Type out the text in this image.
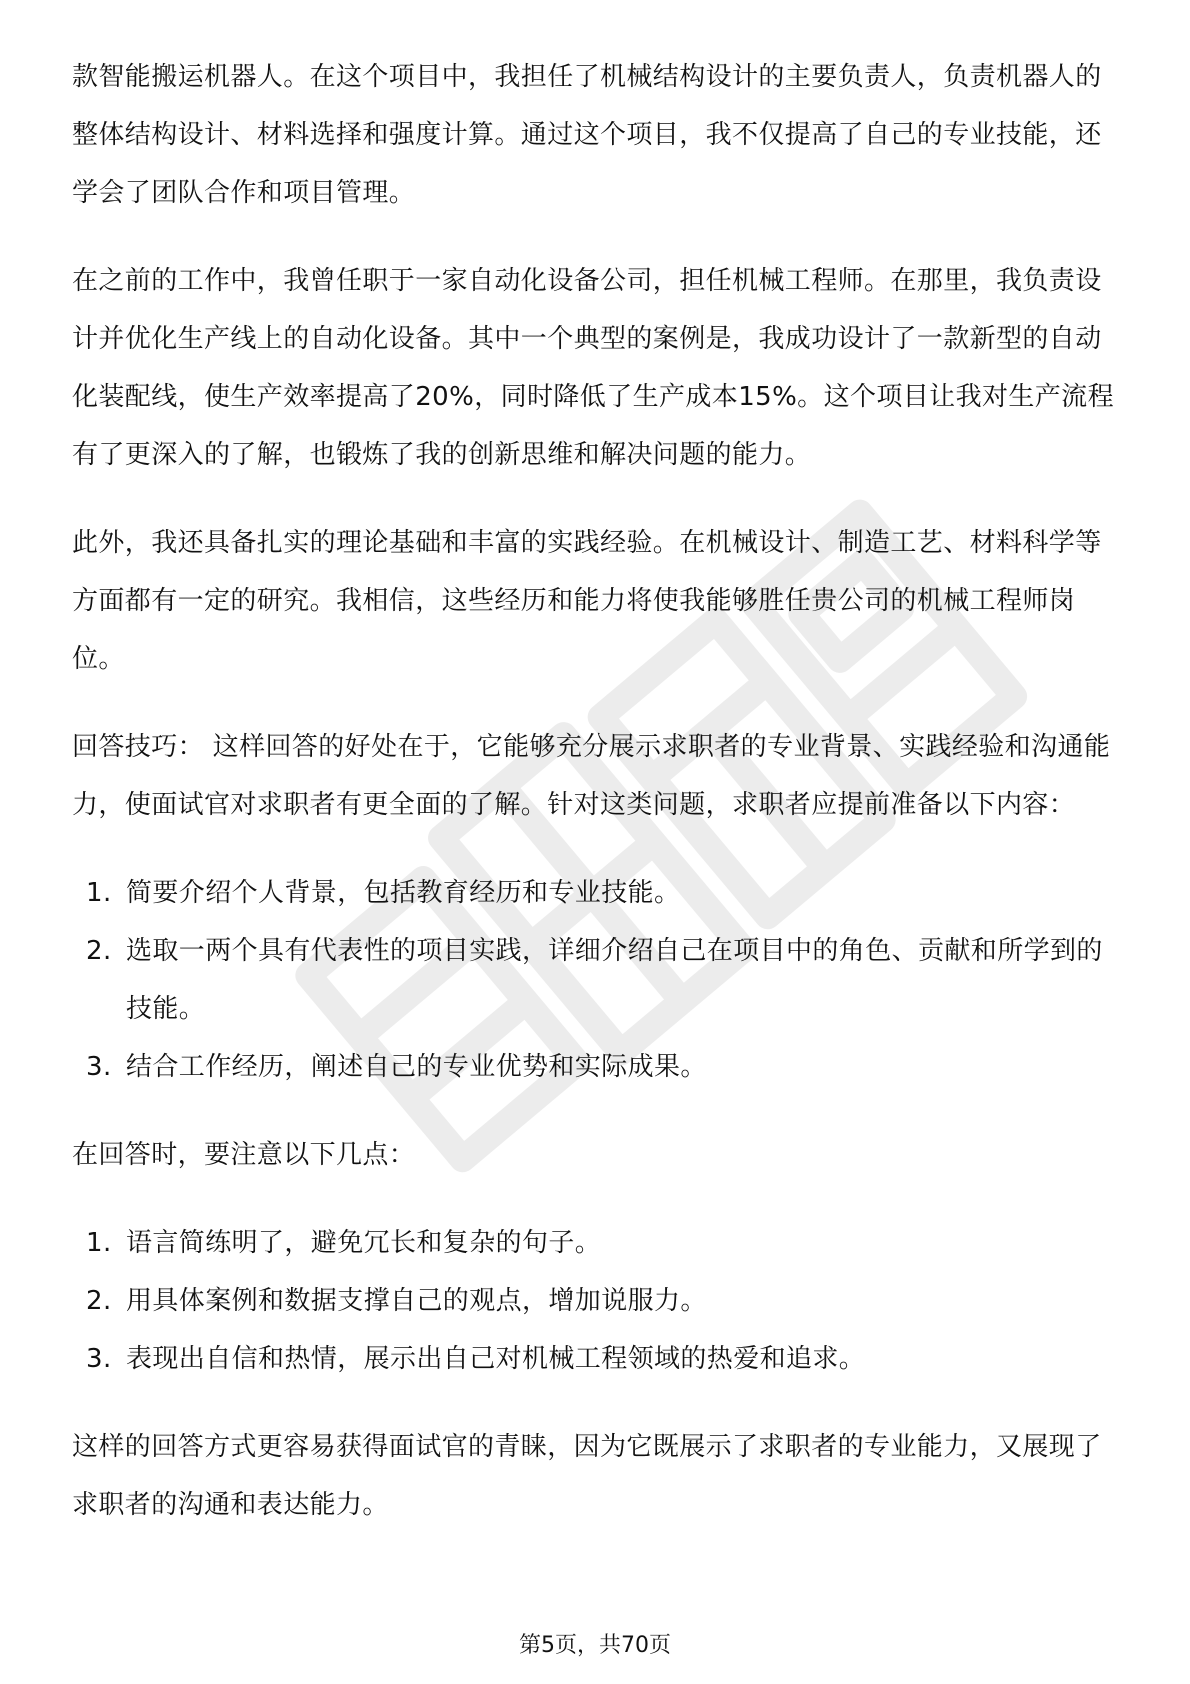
款智能搬运机器人。在这个项目中，我担任了机械结构设计的主要负责人，负责机器人的整体结构设计、材料选择和强度计算。通过这个项目，我不仅提高了自己的专业技能，还学会了团队合作和项目管理。

在之前的工作中，我曾任职于一家自动化设备公司，担任机械工程师。在那里，我负责设计并优化生产线上的自动化设备。其中一个典型的案例是，我成功设计了一款新型的自动化装配线，使生产效率提高了20%，同时降低了生产成本15%。这个项目让我对生产流程有了更深入的了解，也锻炼了我的创新思维和解决问题的能力。

此外，我还具备扎实的理论基础和丰富的实践经验。在机械设计、制造工艺、材料科学等方面都有一定的研究。我相信，这些经历和能力将使我能够胜任贵公司的机械工程师岗位。

回答技巧： 这样回答的好处在于，它能够充分展示求职者的专业背景、实践经验和沟通能力，使面试官对求职者有更全面的了解。针对这类问题，求职者应提前准备以下内容：

1. 简要介绍个人背景，包括教育经历和专业技能。
2. 选取一两个具有代表性的项目实践，详细介绍自己在项目中的角色、贡献和所学到的技能。
3. 结合工作经历，阐述自己的专业优势和实际成果。

在回答时，要注意以下几点：

1. 语言简练明了，避免冗长和复杂的句子。
2. 用具体案例和数据支撑自己的观点，增加说服力。
3. 表现出自信和热情，展示出自己对机械工程领域的热爱和追求。

这样的回答方式更容易获得面试官的青睐，因为它既展示了求职者的专业能力，又展现了求职者的沟通和表达能力。

第5页，共70页
